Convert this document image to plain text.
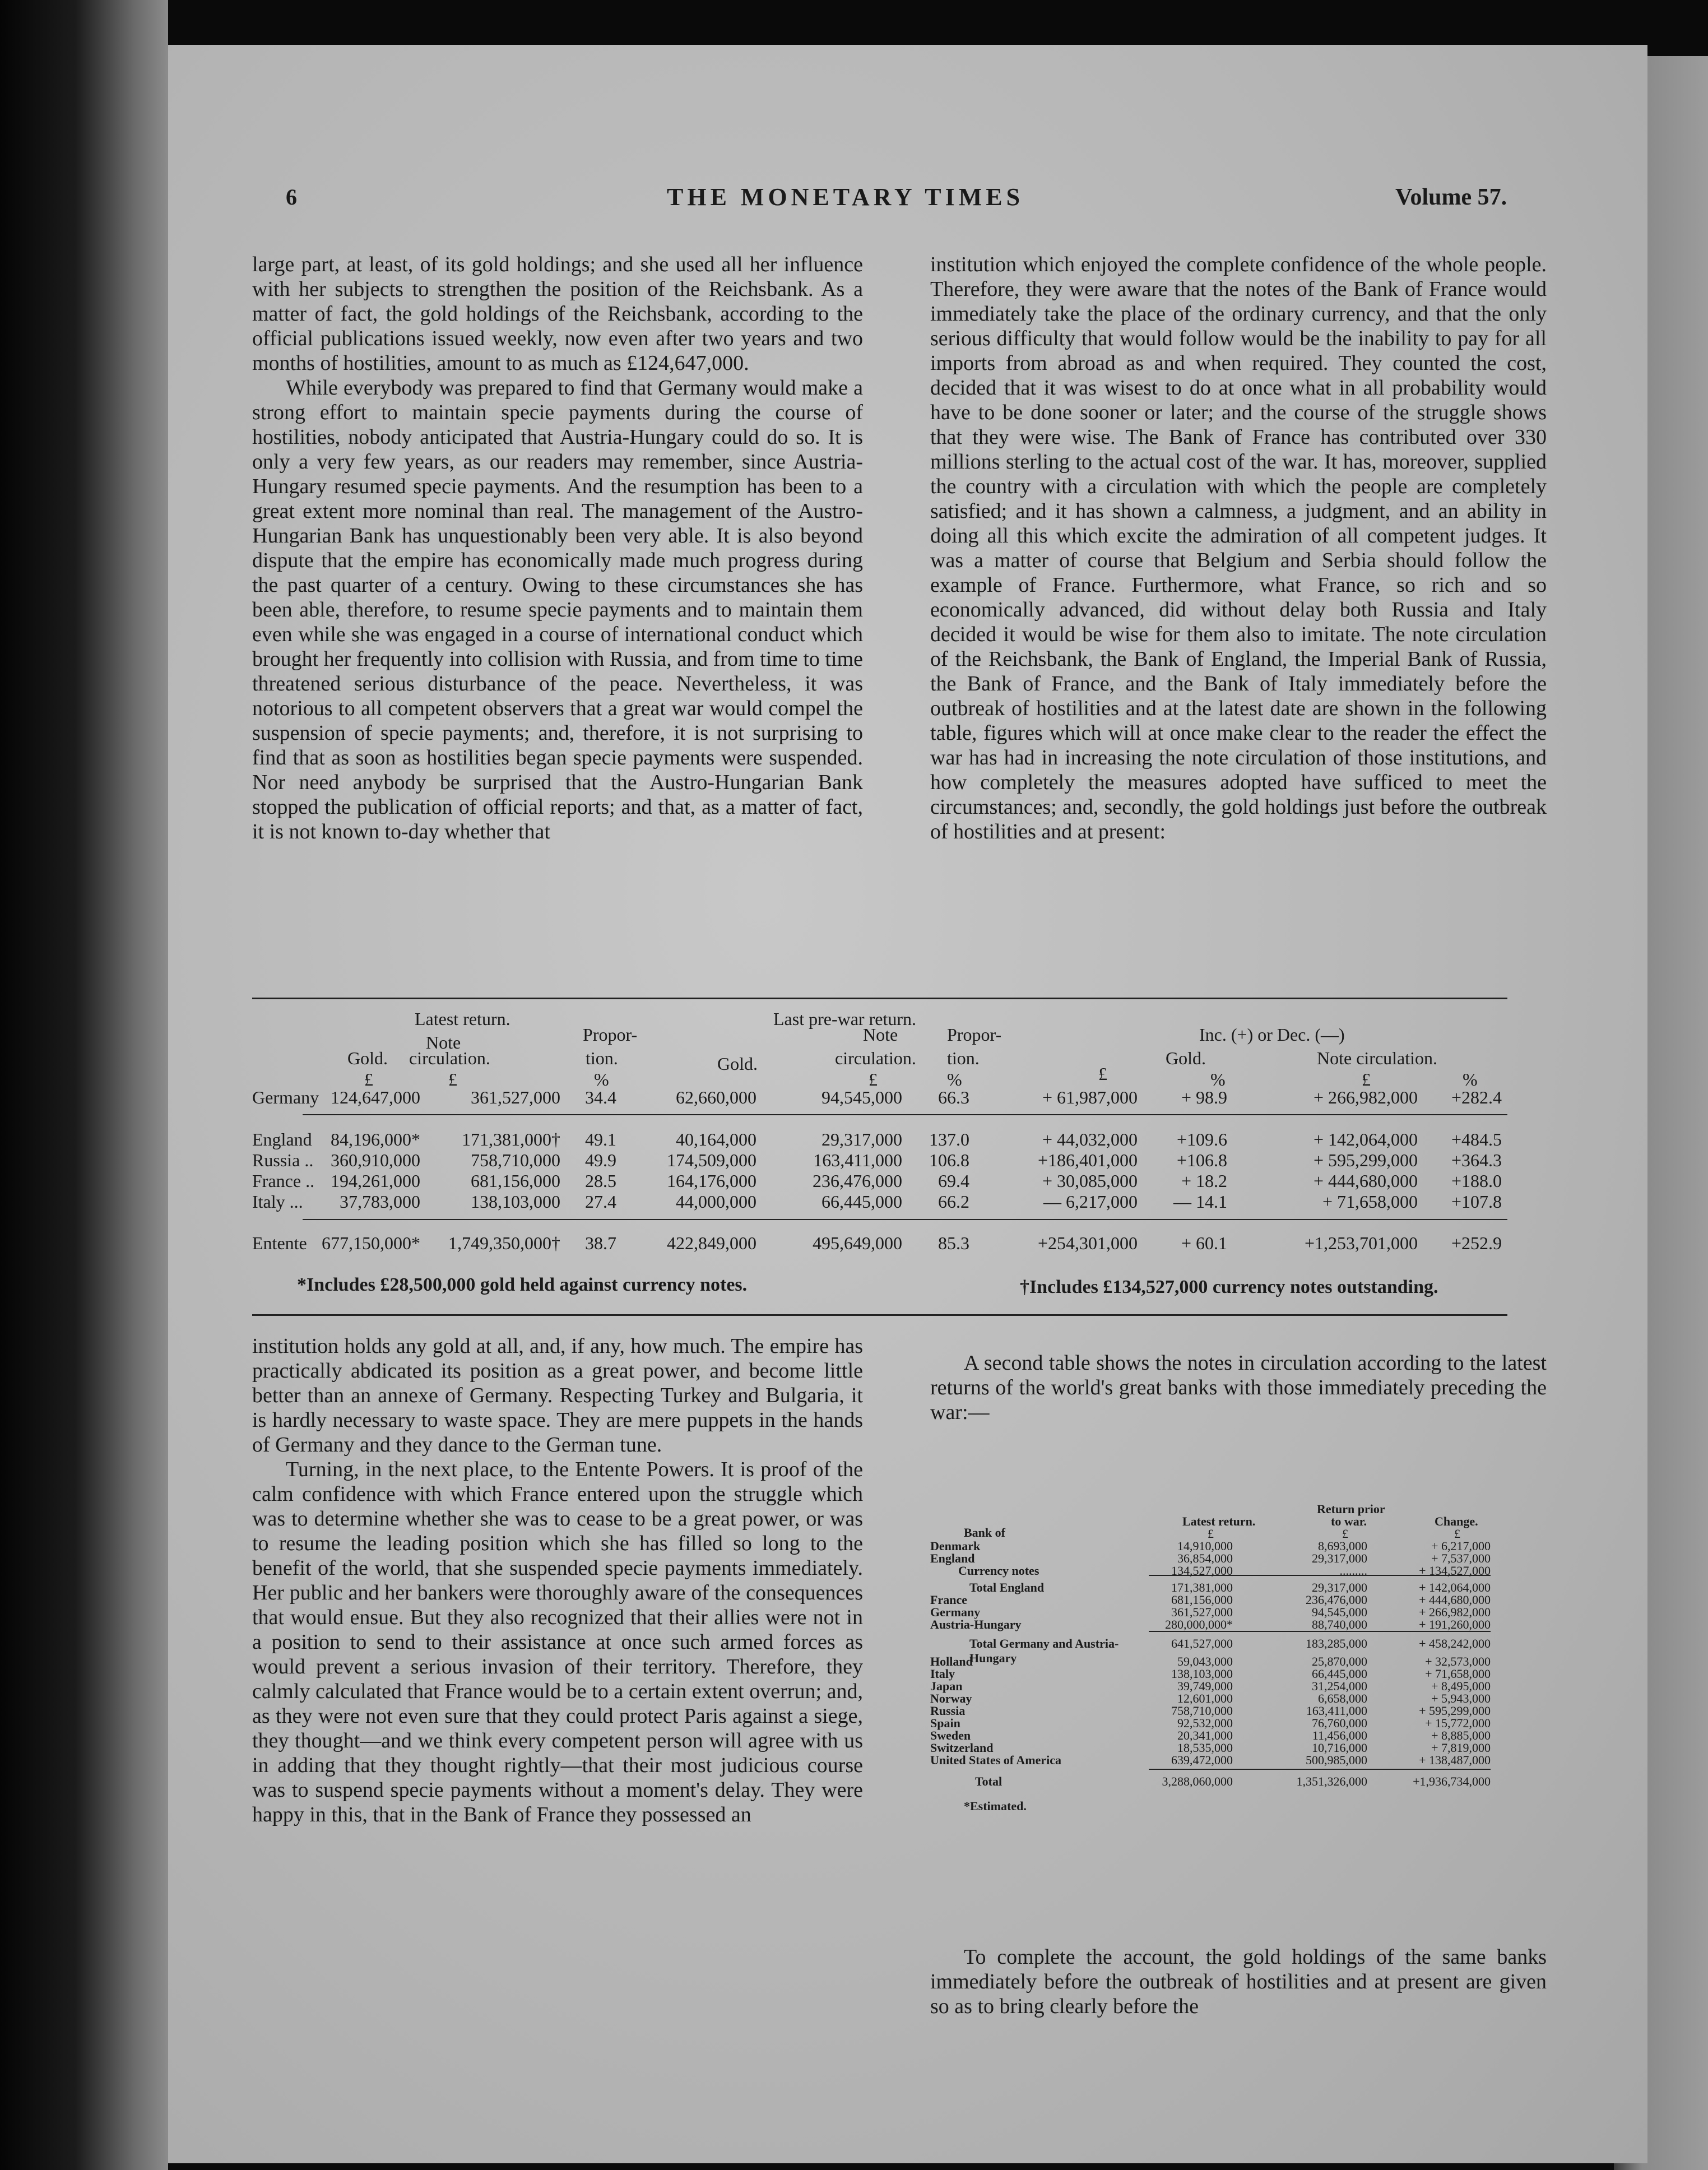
6	THE MONETARY TIMES	Volume 57.

large part, at least, of its gold holdings; and she used all her influence with her subjects to strengthen the position of the Reichsbank. As a matter of fact, the gold holdings of the Reichsbank, according to the official publications issued weekly, now even after two years and two months of hostilities, amount to as much as £124,647,000.

While everybody was prepared to find that Germany would make a strong effort to maintain specie payments during the course of hostilities, nobody anticipated that Austria-Hungary could do so. It is only a very few years, as our readers may remember, since Austria-Hungary resumed specie payments. And the resumption has been to a great extent more nominal than real. The management of the Austro-Hungarian Bank has unquestionably been very able. It is also beyond dispute that the empire has economically made much progress during the past quarter of a century. Owing to these circumstances she has been able, therefore, to resume specie payments and to maintain them even while she was engaged in a course of international conduct which brought her frequently into collision with Russia, and from time to time threatened serious disturbance of the peace. Nevertheless, it was notorious to all competent observers that a great war would compel the suspension of specie payments; and, therefore, it is not surprising to find that as soon as hostilities began specie payments were suspended. Nor need anybody be surprised that the Austro-Hungarian Bank stopped the publication of official reports; and that, as a matter of fact, it is not known to-day whether that

institution which enjoyed the complete confidence of the whole people. Therefore, they were aware that the notes of the Bank of France would immediately take the place of the ordinary currency, and that the only serious difficulty that would follow would be the inability to pay for all imports from abroad as and when required. They counted the cost, decided that it was wisest to do at once what in all probability would have to be done sooner or later; and the course of the struggle shows that they were wise. The Bank of France has contributed over 330 millions sterling to the actual cost of the war. It has, moreover, supplied the country with a circulation with which the people are completely satisfied; and it has shown a calmness, a judgment, and an ability in doing all this which excite the admiration of all competent judges. It was a matter of course that Belgium and Serbia should follow the example of France. Furthermore, what France, so rich and so economically advanced, did without delay both Russia and Italy decided it would be wise for them also to imitate. The note circulation of the Reichsbank, the Bank of England, the Imperial Bank of Russia, the Bank of France, and the Bank of Italy immediately before the outbreak of hostilities and at the latest date are shown in the following table, figures which will at once make clear to the reader the effect the war has had in increasing the note circulation of those institutions, and how completely the measures adopted have sufficed to meet the circumstances; and, secondly, the gold holdings just before the outbreak of hostilities and at present:

Latest return.	Last pre-war return.
Inc. (+) or Dec. (—)
Note	Propor-	Note	Propor-
Gold. circulation.	tion.	Gold.	circulation. tion.	Gold.	Note circulation.
£	£	%	£	%	£	%	£	%
Germany 124,647,000	361,527,000	34.4	62,660,000	94,545,000	66.3	+ 61,987,000	+ 98.9	+ 266,982,000	+282.4
England	84,196,000*	171,381,000†	49.1	40,164,000	29,317,000	137.0	+ 44,032,000	+109.6	+ 142,064,000	+484.5
Russia .. 360,910,000	758,710,000	49.9	174,509,000	163,411,000	106.8	+186,401,000	+106.8	+ 595,299,000	+364.3
France .. 194,261,000	681,156,000	28.5	164,176,000	236,476,000	69.4	+ 30,085,000	+ 18.2	+ 444,680,000	+188.0
Italy ...	37,783,000	138,103,000	27.4	44,000,000	66,445,000	66.2	— 6,217,000	— 14.1	+ 71,658,000	+107.8
Entente 677,150,000*	1,749,350,000†	38.7	422,849,000	495,649,000	85.3	+254,301,000	+ 60.1	+1,253,701,000	+252.9
*Includes £28,500,000 gold held against currency notes.	†Includes £134,527,000 currency notes outstanding.

institution holds any gold at all, and, if any, how much. The empire has practically abdicated its position as a great power, and become little better than an annexe of Germany. Respecting Turkey and Bulgaria, it is hardly necessary to waste space. They are mere puppets in the hands of Germany and they dance to the German tune.

Turning, in the next place, to the Entente Powers. It is proof of the calm confidence with which France entered upon the struggle which was to determine whether she was to cease to be a great power, or was to resume the leading position which she has filled so long to the benefit of the world, that she suspended specie payments immediately. Her public and her bankers were thoroughly aware of the consequences that would ensue. But they also recognized that their allies were not in a position to send to their assistance at once such armed forces as would prevent a serious invasion of their territory. Therefore, they calmly calculated that France would be to a certain extent overrun; and, as they were not even sure that they could protect Paris against a siege, they thought—and we think every competent person will agree with us in adding that they thought rightly—that their most judicious course was to suspend specie payments without a moment's delay. They were happy in this, that in the Bank of France they possessed an

A second table shows the notes in circulation according to the latest returns of the world's great banks with those immediately preceding the war:—

Bank of
Latest return.
Return prior
to war.	Change.
£	£	£
Denmark	14,910,000	8,693,000	+ 6,217,000
England	36,854,000	29,317,000	+ 7,537,000
Currency notes	134,527,000	.........	+ 134,527,000
Total England	171,381,000	29,317,000	+ 142,064,000
France	681,156,000	236,476,000	+ 444,680,000
Germany	361,527,000	94,545,000	+ 266,982,000
Austria-Hungary	280,000,000*	88,740,000	+ 191,260,000
Total Germany and Austria-Hungary
641,527,000	183,285,000	+ 458,242,000
Holland	59,043,000	25,870,000	+ 32,573,000
Italy	138,103,000	66,445,000	+ 71,658,000
Japan	39,749,000	31,254,000	+ 8,495,000
Norway	12,601,000	6,658,000	+ 5,943,000
Russia	758,710,000	163,411,000	+ 595,299,000
Spain	92,532,000	76,760,000	+ 15,772,000
Sweden	20,341,000	11,456,000	+ 8,885,000
Switzerland	18,535,000	10,716,000	+ 7,819,000
United States of America	639,472,000	500,985,000	+ 138,487,000
Total	3,288,060,000	1,351,326,000	+1,936,734,000
*Estimated.

To complete the account, the gold holdings of the same banks immediately before the outbreak of hostilities and at present are given so as to bring clearly before the
